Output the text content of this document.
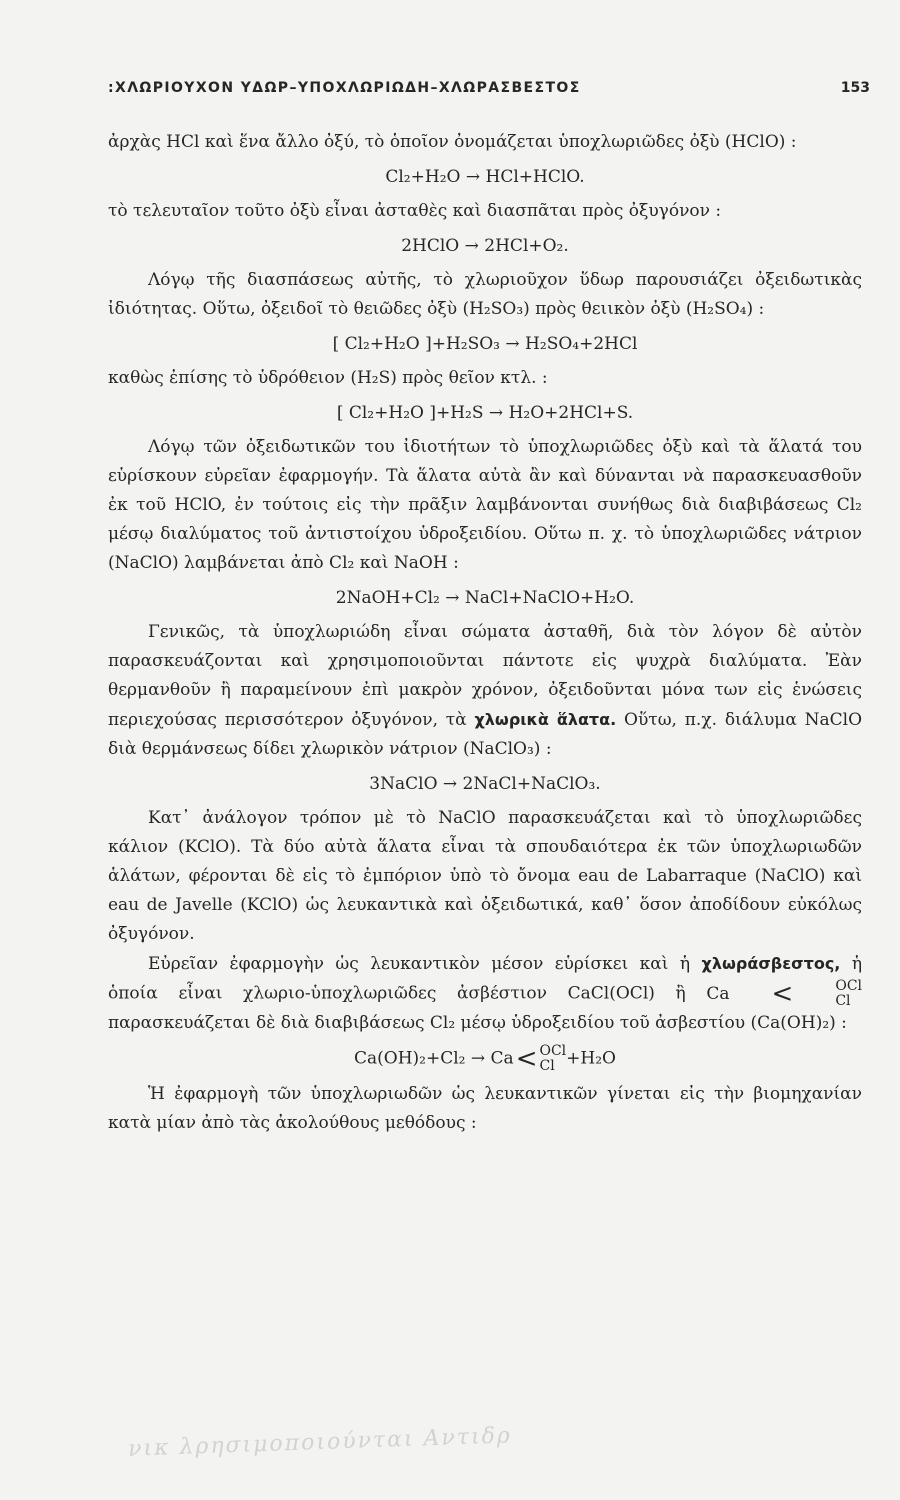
:ΧΛΩΡΙΟΥΧΟΝ ΥΔΩΡ–ΥΠΟΧΛΩΡΙΩΔΗ–ΧΛΩΡΑΣΒΕΣΤΟΣ	153

ἀρχὰς HCl καὶ ἕνα ἄλλο ὀξύ, τὸ ὁποῖον ὀνομάζεται ὑποχλωριῶδες ὀξὺ (HClO) :

Cl₂+H₂O → HCl+HClO.

τὸ τελευταῖον τοῦτο ὀξὺ εἶναι ἀσταθὲς καὶ διασπᾶται πρὸς ὀξυγόνον :

2HClO → 2HCl+O₂.

Λόγῳ τῆς διασπάσεως αὐτῆς, τὸ χλωριοῦχον ὕδωρ παρουσιάζει ὀξειδωτικὰς ἰδιότητας. Οὕτω, ὀξειδοῖ τὸ θειῶδες ὀξὺ (H₂SO₃) πρὸς θειικὸν ὀξὺ (H₂SO₄) :

[ Cl₂+H₂O ]+H₂SO₃ → H₂SO₄+2HCl

καθὼς ἐπίσης τὸ ὑδρόθειον (H₂S) πρὸς θεῖον κτλ. :

[ Cl₂+H₂O ]+H₂S → H₂O+2HCl+S.

Λόγῳ τῶν ὀξειδωτικῶν του ἰδιοτήτων τὸ ὑποχλωριῶδες ὀξὺ καὶ τὰ ἅλατά του εὑρίσκουν εὐρεῖαν ἐφαρμογήν. Τὰ ἅλατα αὐτὰ ἂν καὶ δύνανται νὰ παρασκευασθοῦν ἐκ τοῦ HClO, ἐν τούτοις εἰς τὴν πρᾶξιν λαμβάνονται συνήθως διὰ διαβιβάσεως Cl₂ μέσῳ διαλύματος τοῦ ἀντιστοίχου ὑδροξειδίου. Οὕτω π. χ. τὸ ὑποχλωριῶδες νάτριον (NaClO) λαμβάνεται ἀπὸ Cl₂ καὶ NaOH :

2NaOH+Cl₂ → NaCl+NaClO+H₂O.

Γενικῶς, τὰ ὑποχλωριώδη εἶναι σώματα ἀσταθῆ, διὰ τὸν λόγον δὲ αὐτὸν παρασκευάζονται καὶ χρησιμοποιοῦνται πάντοτε εἰς ψυχρὰ διαλύματα. Ἐὰν θερμανθοῦν ἢ παραμείνουν ἐπὶ μακρὸν χρόνον, ὀξειδοῦνται μόνα των εἰς ἑνώσεις περιεχούσας περισσότερον ὀξυγόνον, τὰ χλωρικὰ ἅλατα. Οὕτω, π.χ. διάλυμα NaClO διὰ θερμάνσεως δίδει χλωρικὸν νάτριον (NaClO₃) :

3NaClO → 2NaCl+NaClO₃.

Κατ᾽ ἀνάλογον τρόπον μὲ τὸ NaClO παρασκευάζεται καὶ τὸ ὑποχλωριῶδες κάλιον (KClO). Τὰ δύο αὐτὰ ἅλατα εἶναι τὰ σπουδαιότερα ἐκ τῶν ὑποχλωριωδῶν ἁλάτων, φέρονται δὲ εἰς τὸ ἐμπόριον ὑπὸ τὸ ὄνομα eau de Labarraque (NaClO) καὶ eau de Javelle (KClO) ὡς λευκαντικὰ καὶ ὀξειδωτικά, καθ᾽ ὅσον ἀποδίδουν εὐκόλως ὀξυγόνον.

Εὐρεῖαν ἐφαρμογὴν ὡς λευκαντικὸν μέσον εὑρίσκει καὶ ἡ χλωράσβεστος, ἡ ὁποία εἶναι χλωριο-ὑποχλωριῶδες ἀσβέστιον CaCl(OCl) ἢ Ca <	OCl
Cl
παρασκευάζεται δὲ διὰ διαβιβάσεως Cl₂ μέσῳ ὑδροξειδίου τοῦ ἀσβεστίου (Ca(OH)₂) :

Ca(OH)₂+Cl₂ → Ca< OCl
Cl +H₂O

Ἡ ἐφαρμογὴ τῶν ὑποχλωριωδῶν ὡς λευκαντικῶν γίνεται εἰς τὴν βιομηχανίαν κατὰ μίαν ἀπὸ τὰς ἀκολούθους μεθόδους :

νικ λρησιμοποιούνται Αντιδρ
